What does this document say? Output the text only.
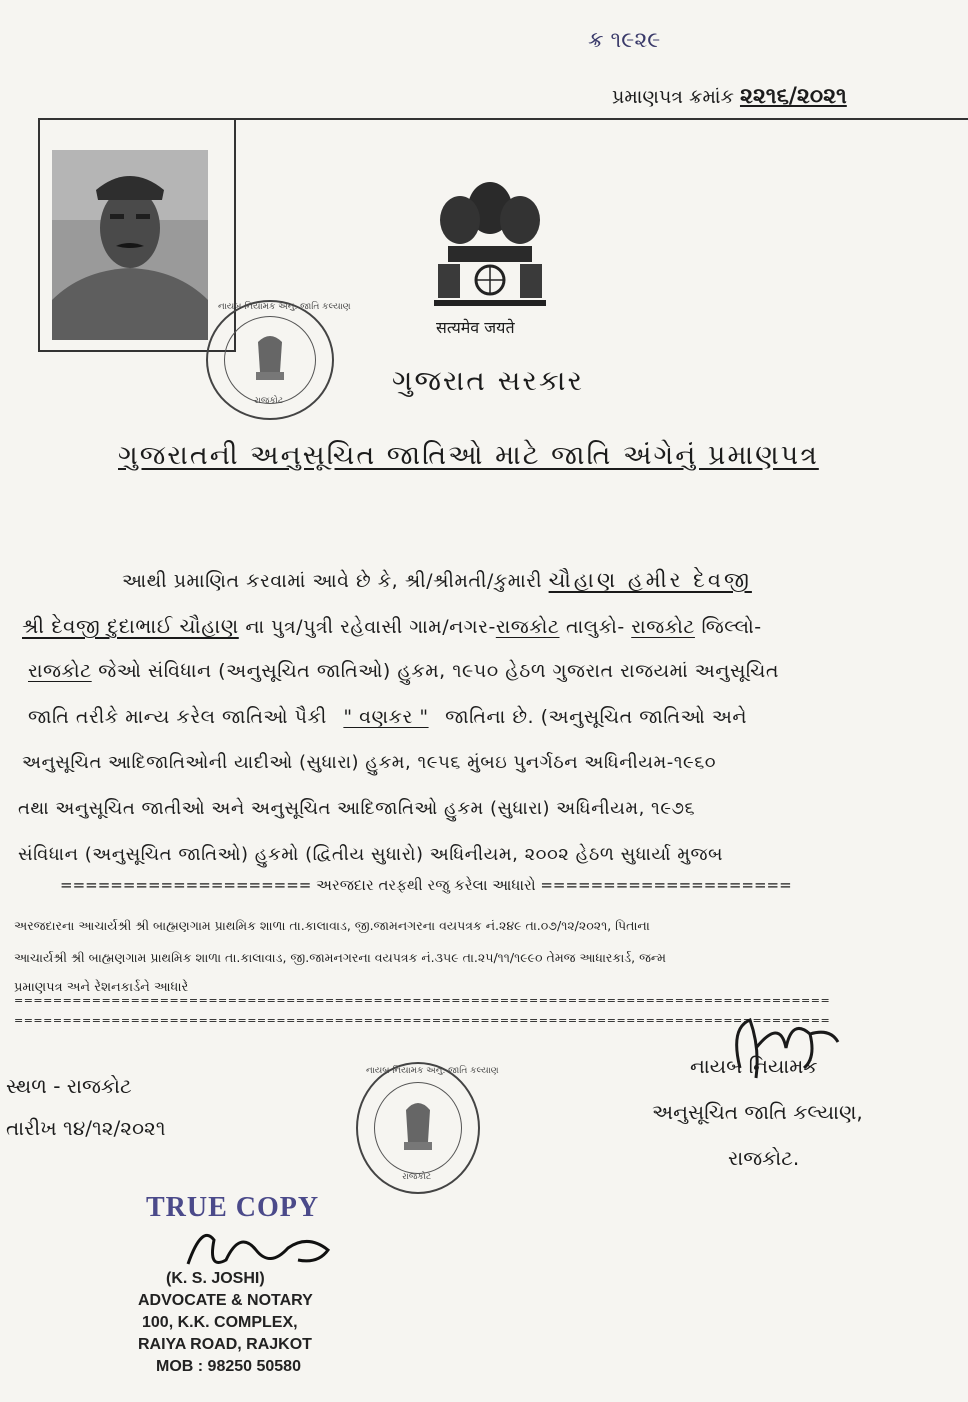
ક્ર ૧૯૨૯
પ્રમાણપત્ર ક્રમાંક ૨૨૧૬/૨૦૨૧
નાયબ નિયામક અનુ. જાતિ કલ્યાણ
રાજકોટ
सत्यमेव जयते
ગુજરાત સરકાર
ગુજરાતની અનુસૂચિત જાતિઓ માટે જાતિ અંગેનું પ્રમાણપત્ર
આથી પ્રમાણિત કરવામાં આવે છે કે, શ્રી/શ્રીમતી/કુમારી ચૌહાણ હમીર દેવજી
શ્રી દેવજી દુદાભાઈ ચૌહાણ ના પુત્ર/પુત્રી રહેવાસી ગામ/નગર-રાજકોટ તાલુકો- રાજકોટ જિલ્લો-
રાજકોટ જેઓ સંવિધાન (અનુસૂચિત જાતિઓ) હુકમ, ૧૯૫૦ હેઠળ ગુજરાત રાજયમાં અનુસૂચિત
જાતિ તરીકે માન્ય કરેલ જાતિઓ પૈકી " વણકર " જાતિના છે. (અનુસૂચિત જાતિઓ અને
અનુસૂચિત આદિજાતિઓની યાદીઓ (સુધારા) હુકમ, ૧૯૫૬ મુંબઇ પુનર્ગઠન અધિનીયમ-૧૯૬૦
તથા અનુસૂચિત જાતીઓ અને અનુસૂચિત આદિજાતિઓ હુકમ (સુધારા) અધિનીયમ, ૧૯૭૬
સંવિધાન (અનુસૂચિત જાતિઓ) હુકમો (દ્વિતીય સુધારો) અધિનીયમ, ૨૦૦૨ હેઠળ સુધાર્યા મુજબ
==================== અરજદાર તરફથી રજુ કરેલા આધારો ====================
અરજદારના આચાર્યશ્રી શ્રી બાહ્મણગામ પ્રાથમિક શાળા તા.કાલાવાડ, જી.જામનગરના વયપત્રક નં.૨૪૯ તા.૦૭/૧૨/૨૦૨૧, પિતાના
આચાર્યશ્રી શ્રી બાહ્મણગામ પ્રાથમિક શાળા તા.કાલાવાડ, જી.જામનગરના વયપત્રક નં.૩૫૯ તા.૨૫/૧૧/૧૯૯૦ તેમજ આધારકાર્ડ, જન્મ
પ્રમાણપત્ર અને રેશનકાર્ડને આધારે
====================================================================================
====================================================================================
સ્થળ - રાજકોટ
તારીખ ૧૪/૧૨/૨૦૨૧
નાયબ નિયામક અનુ. જાતિ કલ્યાણ
રાજકોટ
નાયબ નિયામક
અનુસૂચિત જાતિ કલ્યાણ,
રાજકોટ.
TRUE COPY
(K. S. JOSHI)
ADVOCATE & NOTARY
100, K.K. COMPLEX,
RAIYA ROAD, RAJKOT
MOB : 98250 50580
